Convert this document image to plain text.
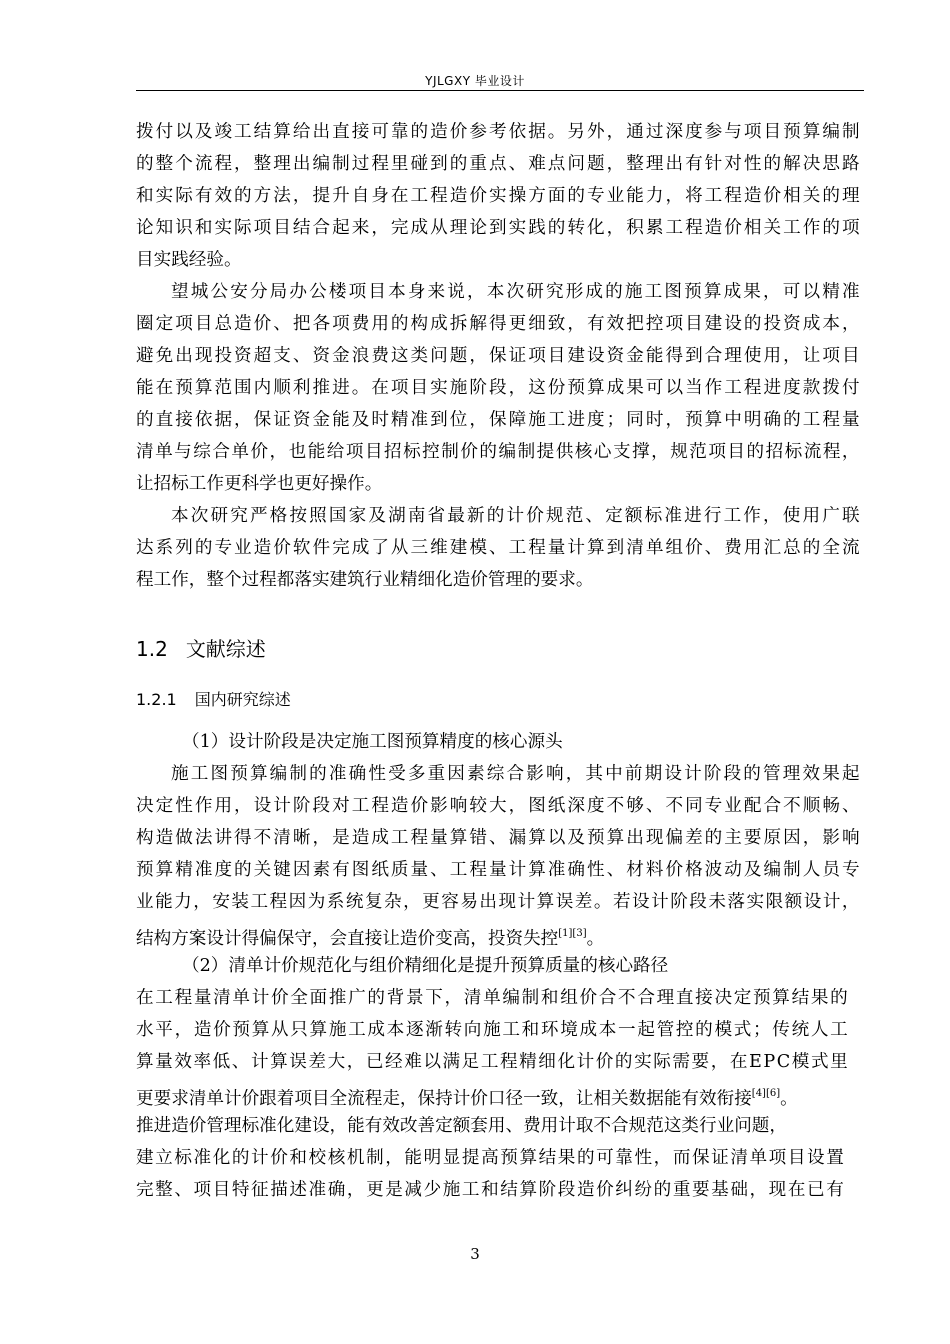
YJLGXY 毕业设计
拨 付 以 及 竣 工 结 算 给 出 直 接 可 靠 的 造 价 参 考 依 据 。 另 外 ， 通 过 深 度 参 与 项 目 预 算 编 制
的 整 个 流 程 ， 整 理 出 编 制 过 程 里 碰 到 的 重 点 、 难 点 问 题 ， 整 理 出 有 针 对 性 的 解 决 思 路
和 实 际 有 效 的 方 法 ， 提 升 自 身 在 工 程 造 价 实 操 方 面 的 专 业 能 力 ， 将 工 程 造 价 相 关 的 理
论 知 识 和 实 际 项 目 结 合 起 来 ， 完 成 从 理 论 到 实 践 的 转 化 ， 积 累 工 程 造 价 相 关 工 作 的 项
目实践经验。
望 城 公 安 分 局 办 公 楼 项 目 本 身 来 说 ， 本 次 研 究 形 成 的 施 工 图 预 算 成 果 ， 可 以 精 准
圈 定 项 目 总 造 价 、 把 各 项 费 用 的 构 成 拆 解 得 更 细 致 ， 有 效 把 控 项 目 建 设 的 投 资 成 本 ，
避 免 出 现 投 资 超 支 、 资 金 浪 费 这 类 问 题 ， 保 证 项 目 建 设 资 金 能 得 到 合 理 使 用 ， 让 项 目
能 在 预 算 范 围 内 顺 利 推 进 。 在 项 目 实 施 阶 段 ， 这 份 预 算 成 果 可 以 当 作 工 程 进 度 款 拨 付
的 直 接 依 据 ， 保 证 资 金 能 及 时 精 准 到 位 ， 保 障 施 工 进 度 ； 同 时 ， 预 算 中 明 确 的 工 程 量
清 单 与 综 合 单 价 ， 也 能 给 项 目 招 标 控 制 价 的 编 制 提 供 核 心 支 撑 ， 规 范 项 目 的 招 标 流 程 ，
让招标工作更科学也更好操作。
本 次 研 究 严 格 按 照 国 家 及 湖 南 省 最 新 的 计 价 规 范 、 定 额 标 准 进 行 工 作 ， 使 用 广 联
达 系 列 的 专 业 造 价 软 件 完 成 了 从 三 维 建 模 、 工 程 量 计 算 到 清 单 组 价 、 费 用 汇 总 的 全 流
程工作，整个过程都落实建筑行业精细化造价管理的要求。
1.2 文献综述
1.2.1 国内研究综述
（1）设计阶段是决定施工图预算精度的核心源头
施 工 图 预 算 编 制 的 准 确 性 受 多 重 因 素 综 合 影 响 ， 其 中 前 期 设 计 阶 段 的 管 理 效 果 起
决 定 性 作 用 ， 设 计 阶 段 对 工 程 造 价 影 响 较 大 ， 图 纸 深 度 不 够 、 不 同 专 业 配 合 不 顺 畅 、
构 造 做 法 讲 得 不 清 晰 ， 是 造 成 工 程 量 算 错 、 漏 算 以 及 预 算 出 现 偏 差 的 主 要 原 因 ， 影 响
预 算 精 准 度 的 关 键 因 素 有 图 纸 质 量 、 工 程 量 计 算 准 确 性 、 材 料 价 格 波 动 及 编 制 人 员 专
业 能 力 ， 安 装 工 程 因 为 系 统 复 杂 ， 更 容 易 出 现 计 算 误 差 。 若 设 计 阶 段 未 落 实 限 额 设 计 ，
结构方案设计得偏保守，会直接让造价变高，投资失控[1][3]。
（2）清单计价规范化与组价精细化是提升预算质量的核心路径
在 工 程 量 清 单 计 价 全 面 推 广 的 背 景 下 ， 清 单 编 制 和 组 价 合 不 合 理 直 接 决 定 预 算 结 果 的
水 平 ， 造 价 预 算 从 只 算 施 工 成 本 逐 渐 转 向 施 工 和 环 境 成 本 一 起 管 控 的 模 式 ； 传 统 人 工
算 量 效 率 低 、 计 算 误 差 大 ， 已 经 难 以 满 足 工 程 精 细 化 计 价 的 实 际 需 要 ， 在 E P C 模 式 里
更要求清单计价跟着项目全流程走，保持计价口径一致，让相关数据能有效衔接[4][6]。
推进造价管理标准化建设，能有效改善定额套用、费用计取不合规范这类行业问题，
建 立 标 准 化 的 计 价 和 校 核 机 制 ， 能 明 显 提 高 预 算 结 果 的 可 靠 性 ， 而 保 证 清 单 项 目 设 置
完 整 、 项 目 特 征 描 述 准 确 ， 更 是 减 少 施 工 和 结 算 阶 段 造 价 纠 纷 的 重 要 基 础 ， 现 在 已 有
3
